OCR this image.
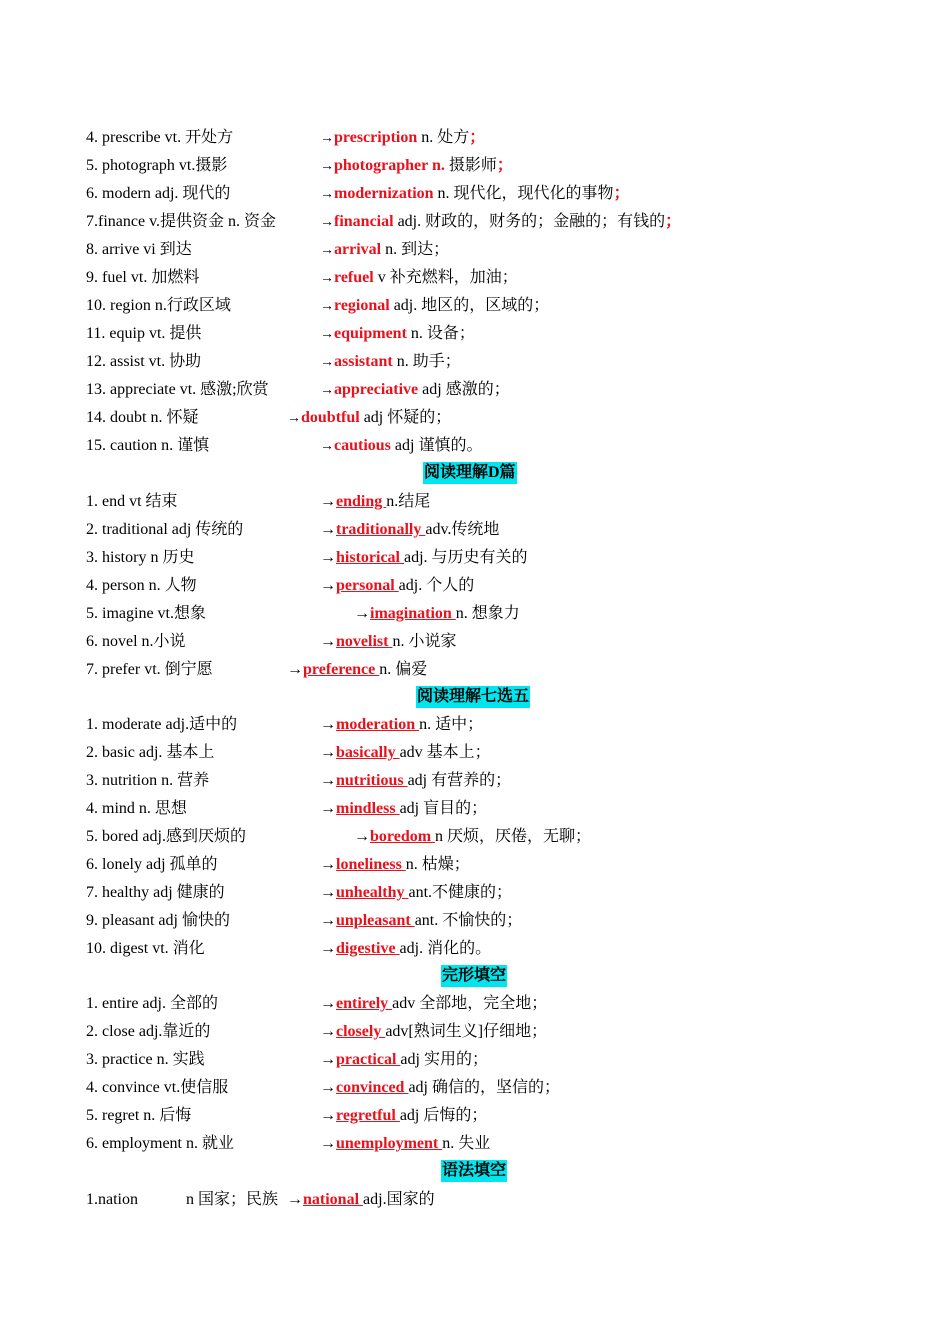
4. prescribe vt. 开处方	→prescription n. 处方；
5. photograph vt.摄影	→photographer n. 摄影师；
6. modern adj. 现代的	→modernization n. 现代化，现代化的事物；
7.finance v.提供资金 n. 资金	→financial adj. 财政的，财务的；金融的；有钱的；
8. arrive vi 到达	→arrival n. 到达；
9. fuel vt. 加燃料	→refuel v 补充燃料，加油；
10. region n.行政区域	→regional adj. 地区的，区域的；
11. equip vt. 提供	→equipment n. 设备；
12. assist vt. 协助	→assistant n. 助手；
13. appreciate vt. 感激;欣赏	→appreciative adj 感激的；
14. doubt n. 怀疑	→doubtful adj 怀疑的；
15. caution n. 谨慎	→cautious adj 谨慎的。
阅读理解D篇
1. end vt 结束	→ending n.结尾
2. traditional adj 传统的	→traditionally adv.传统地
3. history n 历史	→historical adj. 与历史有关的
4. person n. 人物	→personal adj. 个人的
5. imagine vt.想象	→imagination n. 想象力
6. novel n.小说	→novelist n. 小说家
7. prefer vt. 倒宁愿	→preference n. 偏爱
阅读理解七选五
1. moderate adj.适中的	→moderation n. 适中；
2. basic adj. 基本上	→basically adv 基本上；
3. nutrition n. 营养	→nutritious adj 有营养的；
4. mind n. 思想	→mindless adj 盲目的；
5. bored adj.感到厌烦的	→boredom n 厌烦，厌倦，无聊；
6. lonely adj 孤单的	→loneliness n. 枯燥；
7. healthy adj 健康的	→unhealthy ant.不健康的；
9. pleasant adj 愉快的	→unpleasant ant. 不愉快的；
10. digest vt. 消化	→digestive adj. 消化的。
完形填空
1. entire adj. 全部的	→entirely adv 全部地，完全地；
2. close adj.靠近的	→closely adv[熟词生义]仔细地；
3. practice n. 实践	→practical adj 实用的；
4. convince vt.使信服	→convinced adj 确信的，坚信的；
5. regret n. 后悔	→regretful adj 后悔的；
6. employment n. 就业	→unemployment n. 失业
语法填空
1.nation	n 国家；民族 →national adj.国家的
